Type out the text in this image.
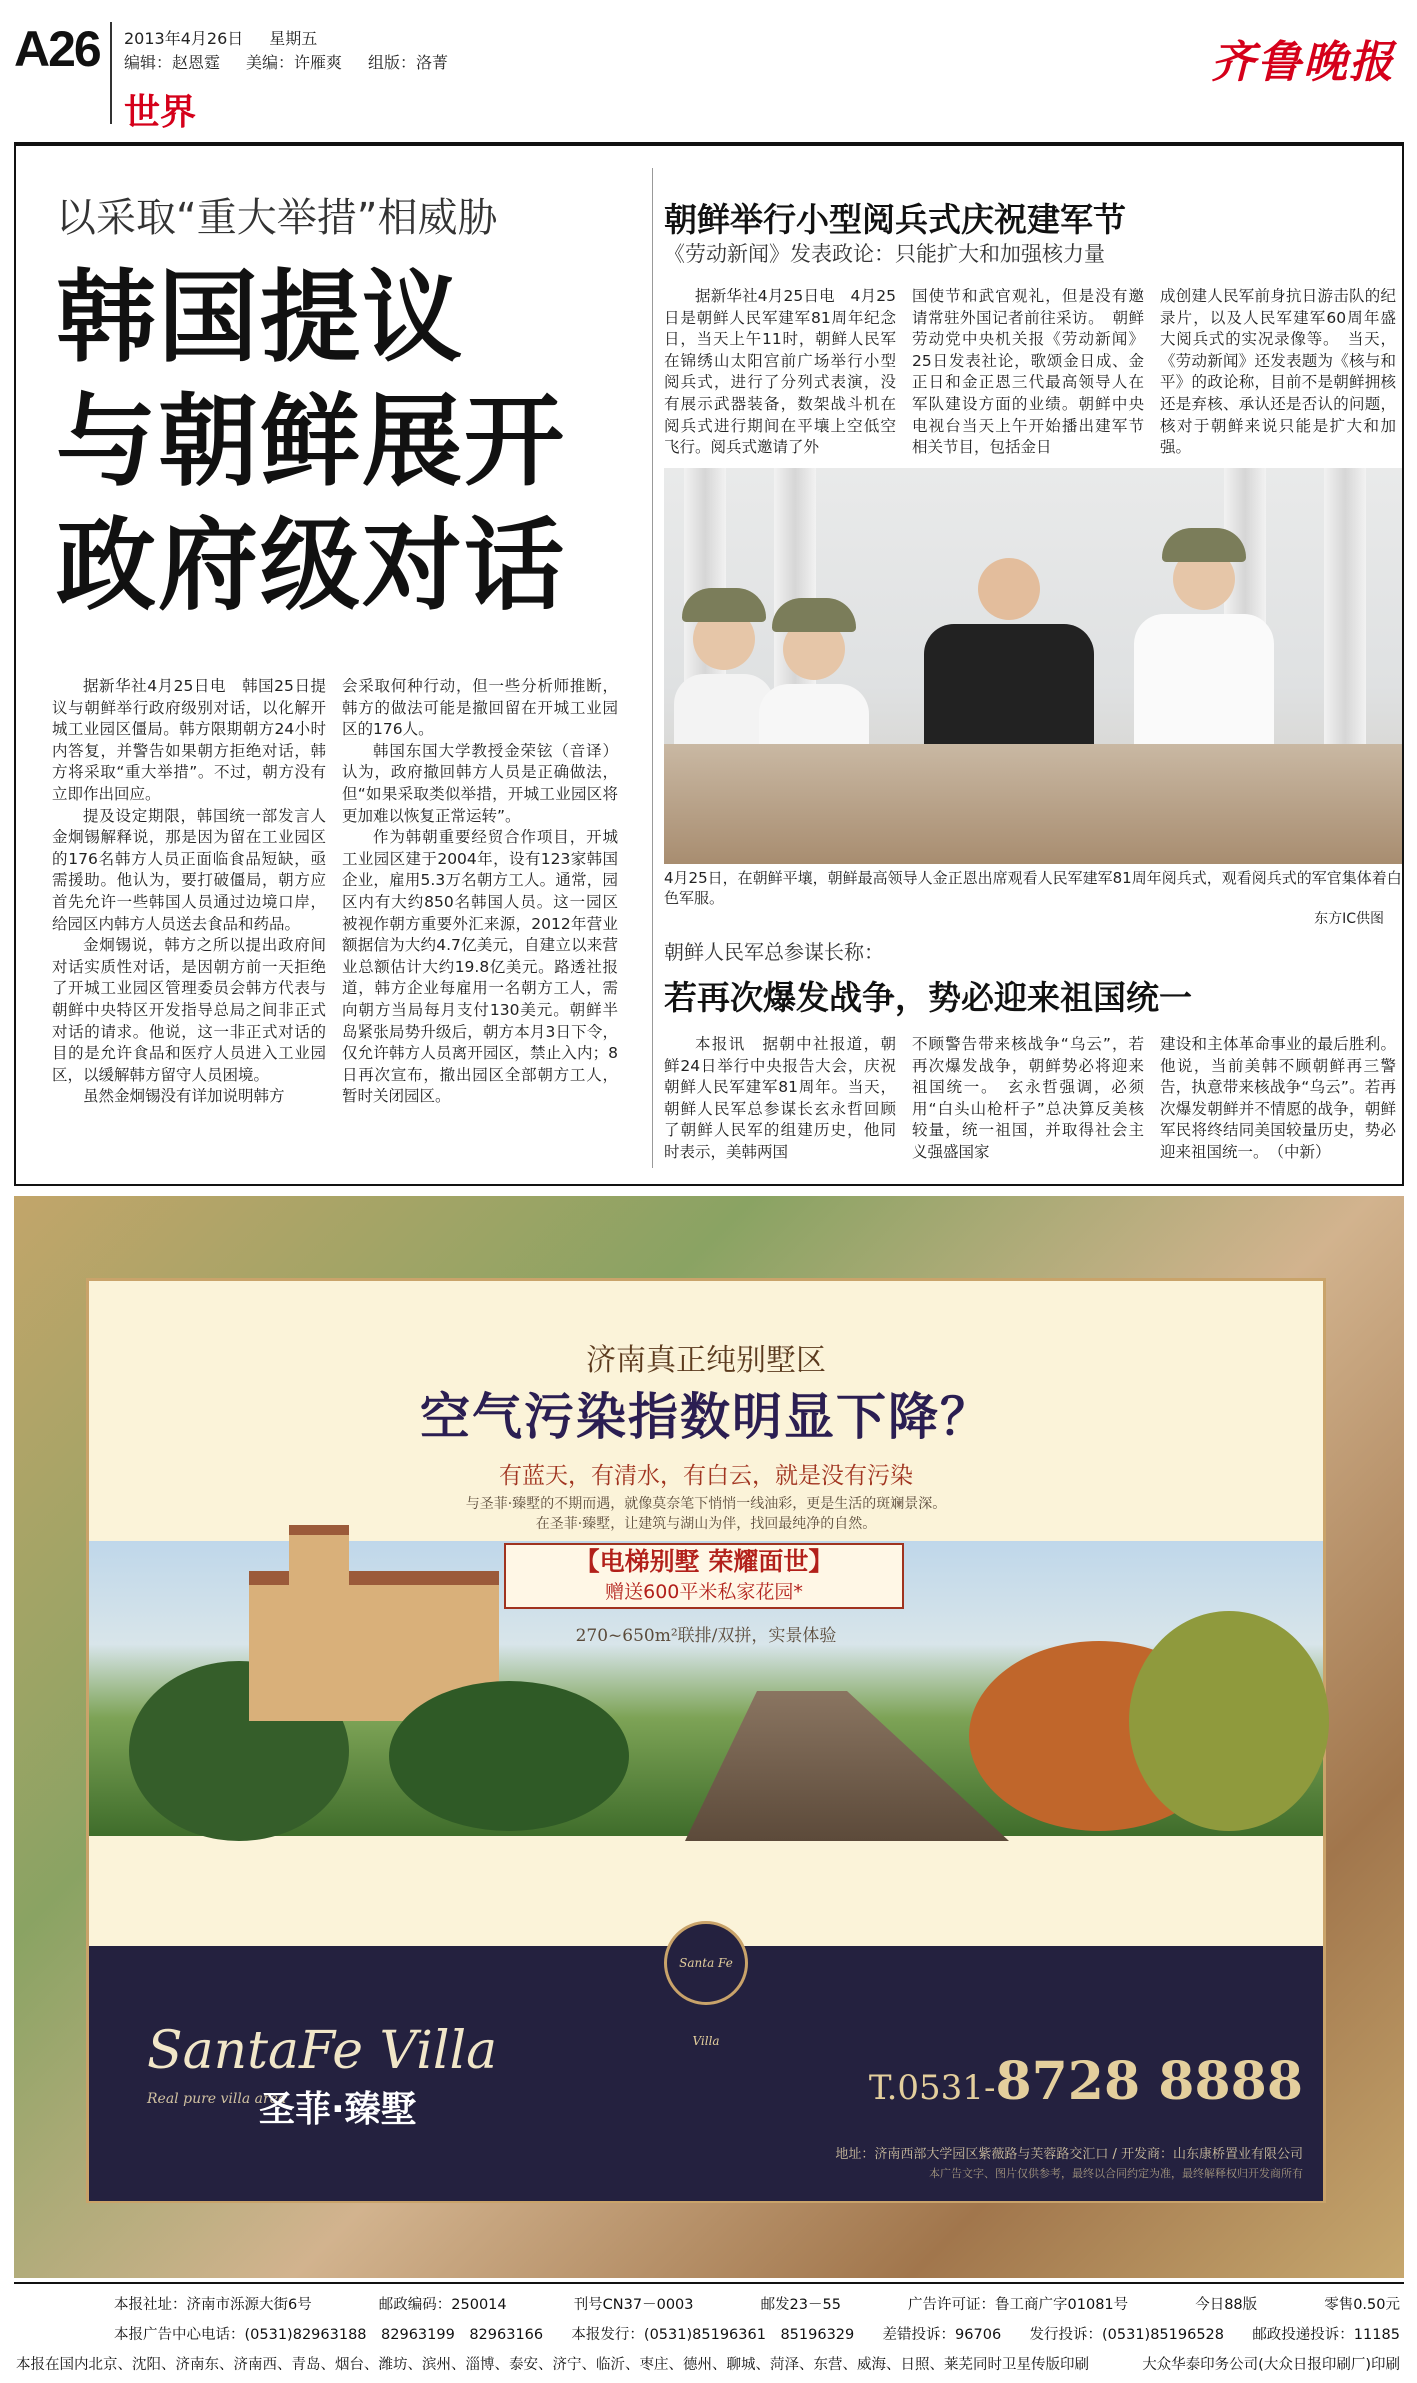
A26 2013年4月26日 星期五
编辑：赵恩霆 美编：许雁爽 组版：洛菁
世界
齐鲁晚报
以采取“重大举措”相威胁
韩国提议
与朝鲜展开
政府级对话

据新华社4月25日电　韩国25日提议与朝鲜举行政府级别对话，以化解开城工业园区僵局。韩方限期朝方24小时内答复，并警告如果朝方拒绝对话，韩方将采取“重大举措”。不过，朝方没有立即作出回应。

提及设定期限，韩国统一部发言人金炯锡解释说，那是因为留在工业园区的176名韩方人员正面临食品短缺，亟需援助。他认为，要打破僵局，朝方应首先允许一些韩国人员通过边境口岸，给园区内韩方人员送去食品和药品。

金炯锡说，韩方之所以提出政府间对话实质性对话，是因朝方前一天拒绝了开城工业园区管理委员会韩方代表与朝鲜中央特区开发指导总局之间非正式对话的请求。他说，这一非正式对话的目的是允许食品和医疗人员进入工业园区，以缓解韩方留守人员困境。

虽然金炯锡没有详加说明韩方

会采取何种行动，但一些分析师推断，韩方的做法可能是撤回留在开城工业园区的176人。

韩国东国大学教授金荣铉（音译）认为，政府撤回韩方人员是正确做法，但“如果采取类似举措，开城工业园区将更加难以恢复正常运转”。

作为韩朝重要经贸合作项目，开城工业园区建于2004年，设有123家韩国企业，雇用5.3万名朝方工人。通常，园区内有大约850名韩国人员。这一园区被视作朝方重要外汇来源，2012年营业额据信为大约4.7亿美元，自建立以来营业总额估计大约19.8亿美元。路透社报道，韩方企业每雇用一名朝方工人，需向朝方当局每月支付130美元。朝鲜半岛紧张局势升级后，朝方本月3日下令，仅允许韩方人员离开园区，禁止入内；8日再次宣布，撤出园区全部朝方工人，暂时关闭园区。

朝鲜举行小型阅兵式庆祝建军节
《劳动新闻》发表政论：只能扩大和加强核力量

据新华社4月25日电　4月25日是朝鲜人民军建军81周年纪念日，当天上午11时，朝鲜人民军在锦绣山太阳宫前广场举行小型阅兵式，进行了分列式表演，没有展示武器装备，数架战斗机在阅兵式进行期间在平壤上空低空飞行。阅兵式邀请了外

国使节和武官观礼，但是没有邀请常驻外国记者前往采访。　朝鲜劳动党中央机关报《劳动新闻》25日发表社论，歌颂金日成、金正日和金正恩三代最高领导人在军队建设方面的业绩。朝鲜中央电视台当天上午开始播出建军节相关节目，包括金日

成创建人民军前身抗日游击队的纪录片，以及人民军建军60周年盛大阅兵式的实况录像等。　当天，《劳动新闻》还发表题为《核与和平》的政论称，目前不是朝鲜拥核还是弃核、承认还是否认的问题，核对于朝鲜来说只能是扩大和加强。

4月25日，在朝鲜平壤，朝鲜最高领导人金正恩出席观看人民军建军81周年阅兵式，观看阅兵式的军官集体着白色军服。
东方IC供图
朝鲜人民军总参谋长称：
若再次爆发战争，势必迎来祖国统一

本报讯　据朝中社报道，朝鲜24日举行中央报告大会，庆祝朝鲜人民军建军81周年。当天，朝鲜人民军总参谋长玄永哲回顾了朝鲜人民军的组建历史，他同时表示，美韩两国

不顾警告带来核战争“乌云”，若再次爆发战争，朝鲜势必将迎来祖国统一。　玄永哲强调，必须用“白头山枪杆子”总决算反美核较量，统一祖国，并取得社会主义强盛国家

建设和主体革命事业的最后胜利。他说，当前美韩不顾朝鲜再三警告，执意带来核战争“乌云”。若再次爆发朝鲜并不情愿的战争，朝鲜军民将终结同美国较量历史，势必迎来祖国统一。　（中新）

济南真正纯别墅区
空气污染指数明显下降？
有蓝天，有清水，有白云，就是没有污染
与圣菲·臻墅的不期而遇，就像莫奈笔下悄悄一线油彩，更是生活的斑斓景深。
在圣菲·臻墅，让建筑与湖山为伴，找回最纯净的自然。
【电梯别墅 荣耀面世】
赠送600平米私家花园*
270~650m²联排/双拼，实景体验
Santa Fe Villa
SantaFe Villa
Real pure villa area
圣菲·臻墅
T.0531-8728 8888
地址：济南西部大学园区紫薇路与芙蓉路交汇口 / 开发商：山东康桥置业有限公司
本广告文字、图片仅供参考，最终以合同约定为准，最终解释权归开发商所有
本报社址：济南市泺源大街6号	邮政编码：250014	刊号CN37－0003	邮发23－55	广告许可证：鲁工商广字01081号	今日88版	零售0.50元
本报广告中心电话：(0531)82963188　82963199　82963166 本报发行：(0531)85196361　85196329 差错投诉：96706 发行投诉：(0531)85196528 邮政投递投诉：11185
本报在国内北京、沈阳、济南东、济南西、青岛、烟台、潍坊、滨州、淄博、泰安、济宁、临沂、枣庄、德州、聊城、菏泽、东营、威海、日照、莱芜同时卫星传版印刷	大众华泰印务公司(大众日报印刷厂)印刷
